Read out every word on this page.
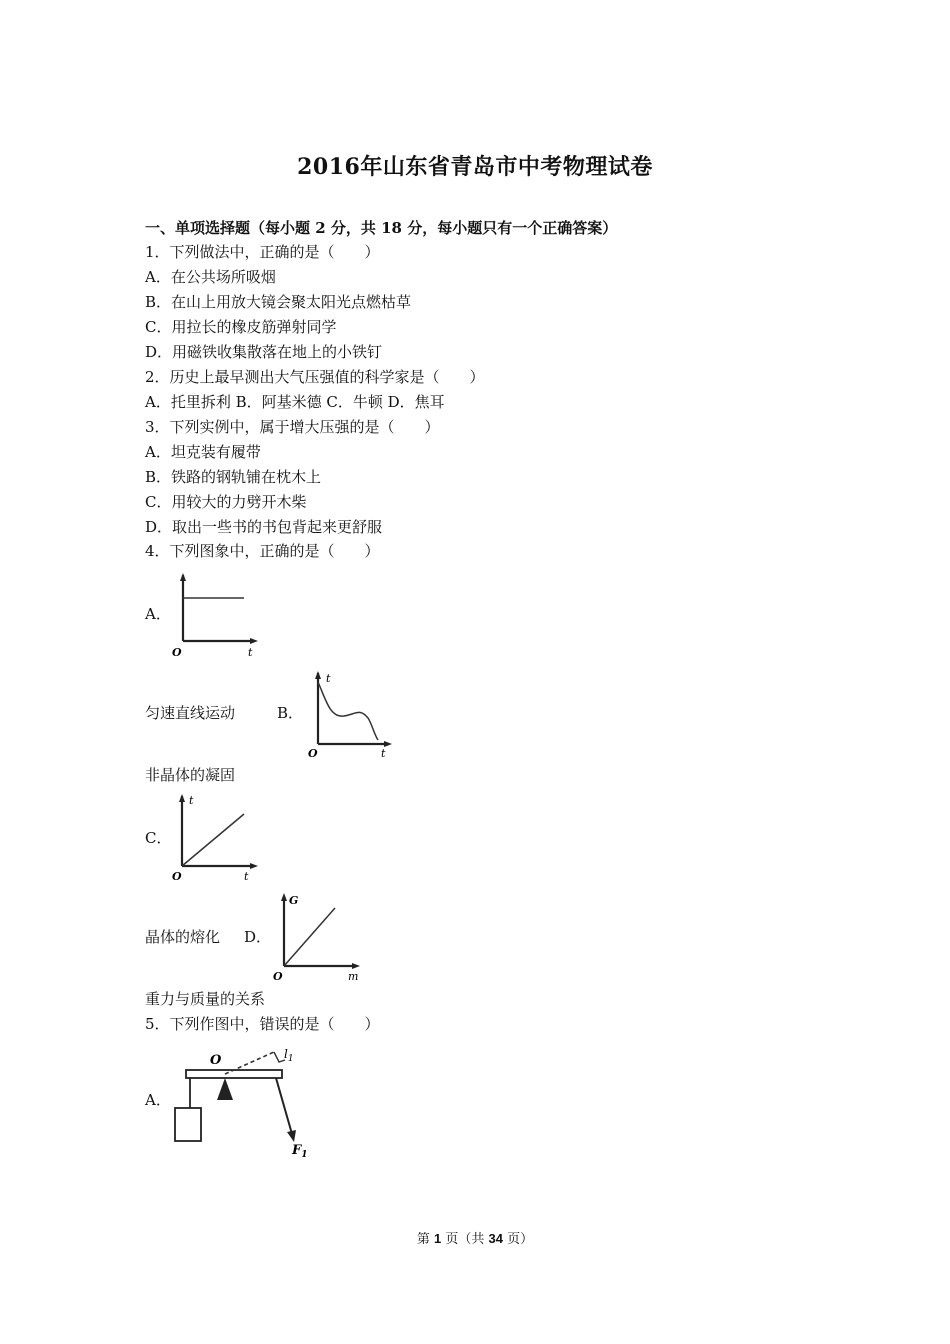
2016年山东省青岛市中考物理试卷
一、单项选择题（每小题 2 分，共 18 分，每小题只有一个正确答案）
1．下列做法中，正确的是（　　）
A．在公共场所吸烟
B．在山上用放大镜会聚太阳光点燃枯草
C．用拉长的橡皮筋弹射同学
D．用磁铁收集散落在地上的小铁钉
2．历史上最早测出大气压强值的科学家是（　　）
A．托里拆利 B．阿基米德 C．牛顿 D．焦耳
3．下列实例中，属于增大压强的是（　　）
A．坦克装有履带
B．铁路的钢轨铺在枕木上
C．用较大的力劈开木柴
D．取出一些书的书包背起来更舒服
4．下列图象中，正确的是（　　）
A．
O	t
匀速直线运动	B．
t
O	t
非晶体的凝固
C．
t
O	t
晶体的熔化 D．
G
O	m
重力与质量的关系
5．下列作图中，错误的是（　　）
A．
O	$l_1$
$F_1$
第 1 页（共 34 页）
